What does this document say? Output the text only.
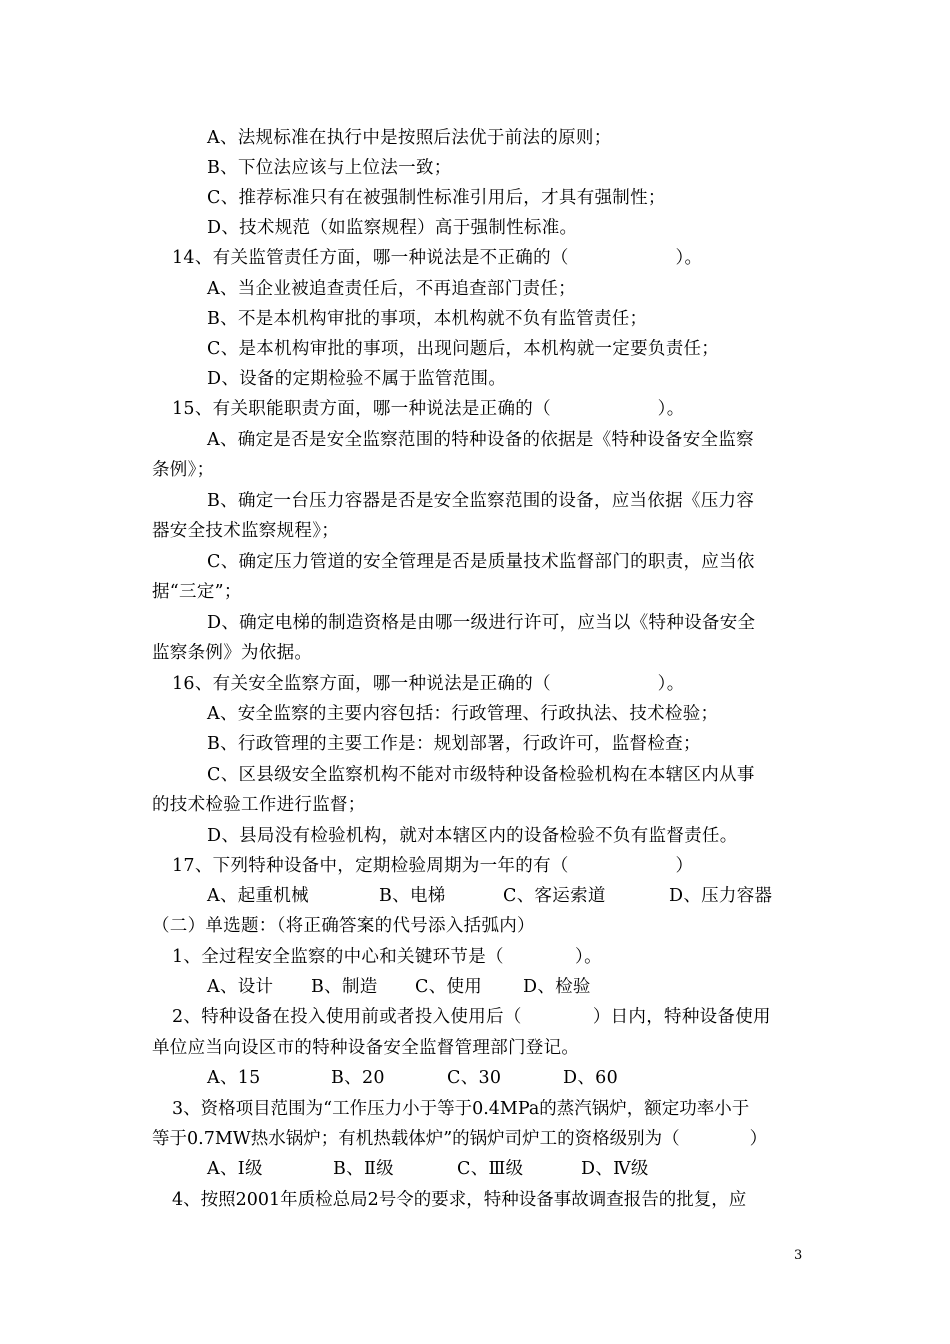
A、法规标准在执行中是按照后法优于前法的原则；

B、下位法应该与上位法一致；

C、推荐标准只有在被强制性标准引用后，才具有强制性；

D、技术规范（如监察规程）高于强制性标准。

14、有关监管责任方面，哪一种说法是不正确的（　　　　　　）。

A、当企业被追查责任后，不再追查部门责任；

B、不是本机构审批的事项，本机构就不负有监管责任；

C、是本机构审批的事项，出现问题后，本机构就一定要负责任；

D、设备的定期检验不属于监管范围。

15、有关职能职责方面，哪一种说法是正确的（　　　　　　）。

A、确定是否是安全监察范围的特种设备的依据是《特种设备安全监察

条例》；

B、确定一台压力容器是否是安全监察范围的设备，应当依据《压力容

器安全技术监察规程》；

C、确定压力管道的安全管理是否是质量技术监督部门的职责，应当依

据“三定”；

D、确定电梯的制造资格是由哪一级进行许可，应当以《特种设备安全

监察条例》为依据。

16、有关安全监察方面，哪一种说法是正确的（　　　　　　）。

A、安全监察的主要内容包括：行政管理、行政执法、技术检验；

B、行政管理的主要工作是：规划部署，行政许可，监督检查；

C、区县级安全监察机构不能对市级特种设备检验机构在本辖区内从事

的技术检验工作进行监督；

D、县局没有检验机构，就对本辖区内的设备检验不负有监督责任。

17、下列特种设备中，定期检验周期为一年的有（　　　　　　）

A、起重机械	B、电梯	C、客运索道	D、压力容器

（二）单选题：（将正确答案的代号添入括弧内）

1、全过程安全监察的中心和关键环节是（　　　　）。

A、设计	B、制造	C、使用	D、检验

2、特种设备在投入使用前或者投入使用后（　　　　）日内，特种设备使用

单位应当向设区市的特种设备安全监督管理部门登记。

A、15	B、20	C、30	D、60

3、资格项目范围为“工作压力小于等于0.4MPa的蒸汽锅炉，额定功率小于

等于0.7MW热水锅炉；有机热载体炉”的锅炉司炉工的资格级别为（　　　　）

A、Ⅰ级	B、Ⅱ级	C、Ⅲ级	D、Ⅳ级

4、按照2001年质检总局2号令的要求，特种设备事故调查报告的批复，应

3
